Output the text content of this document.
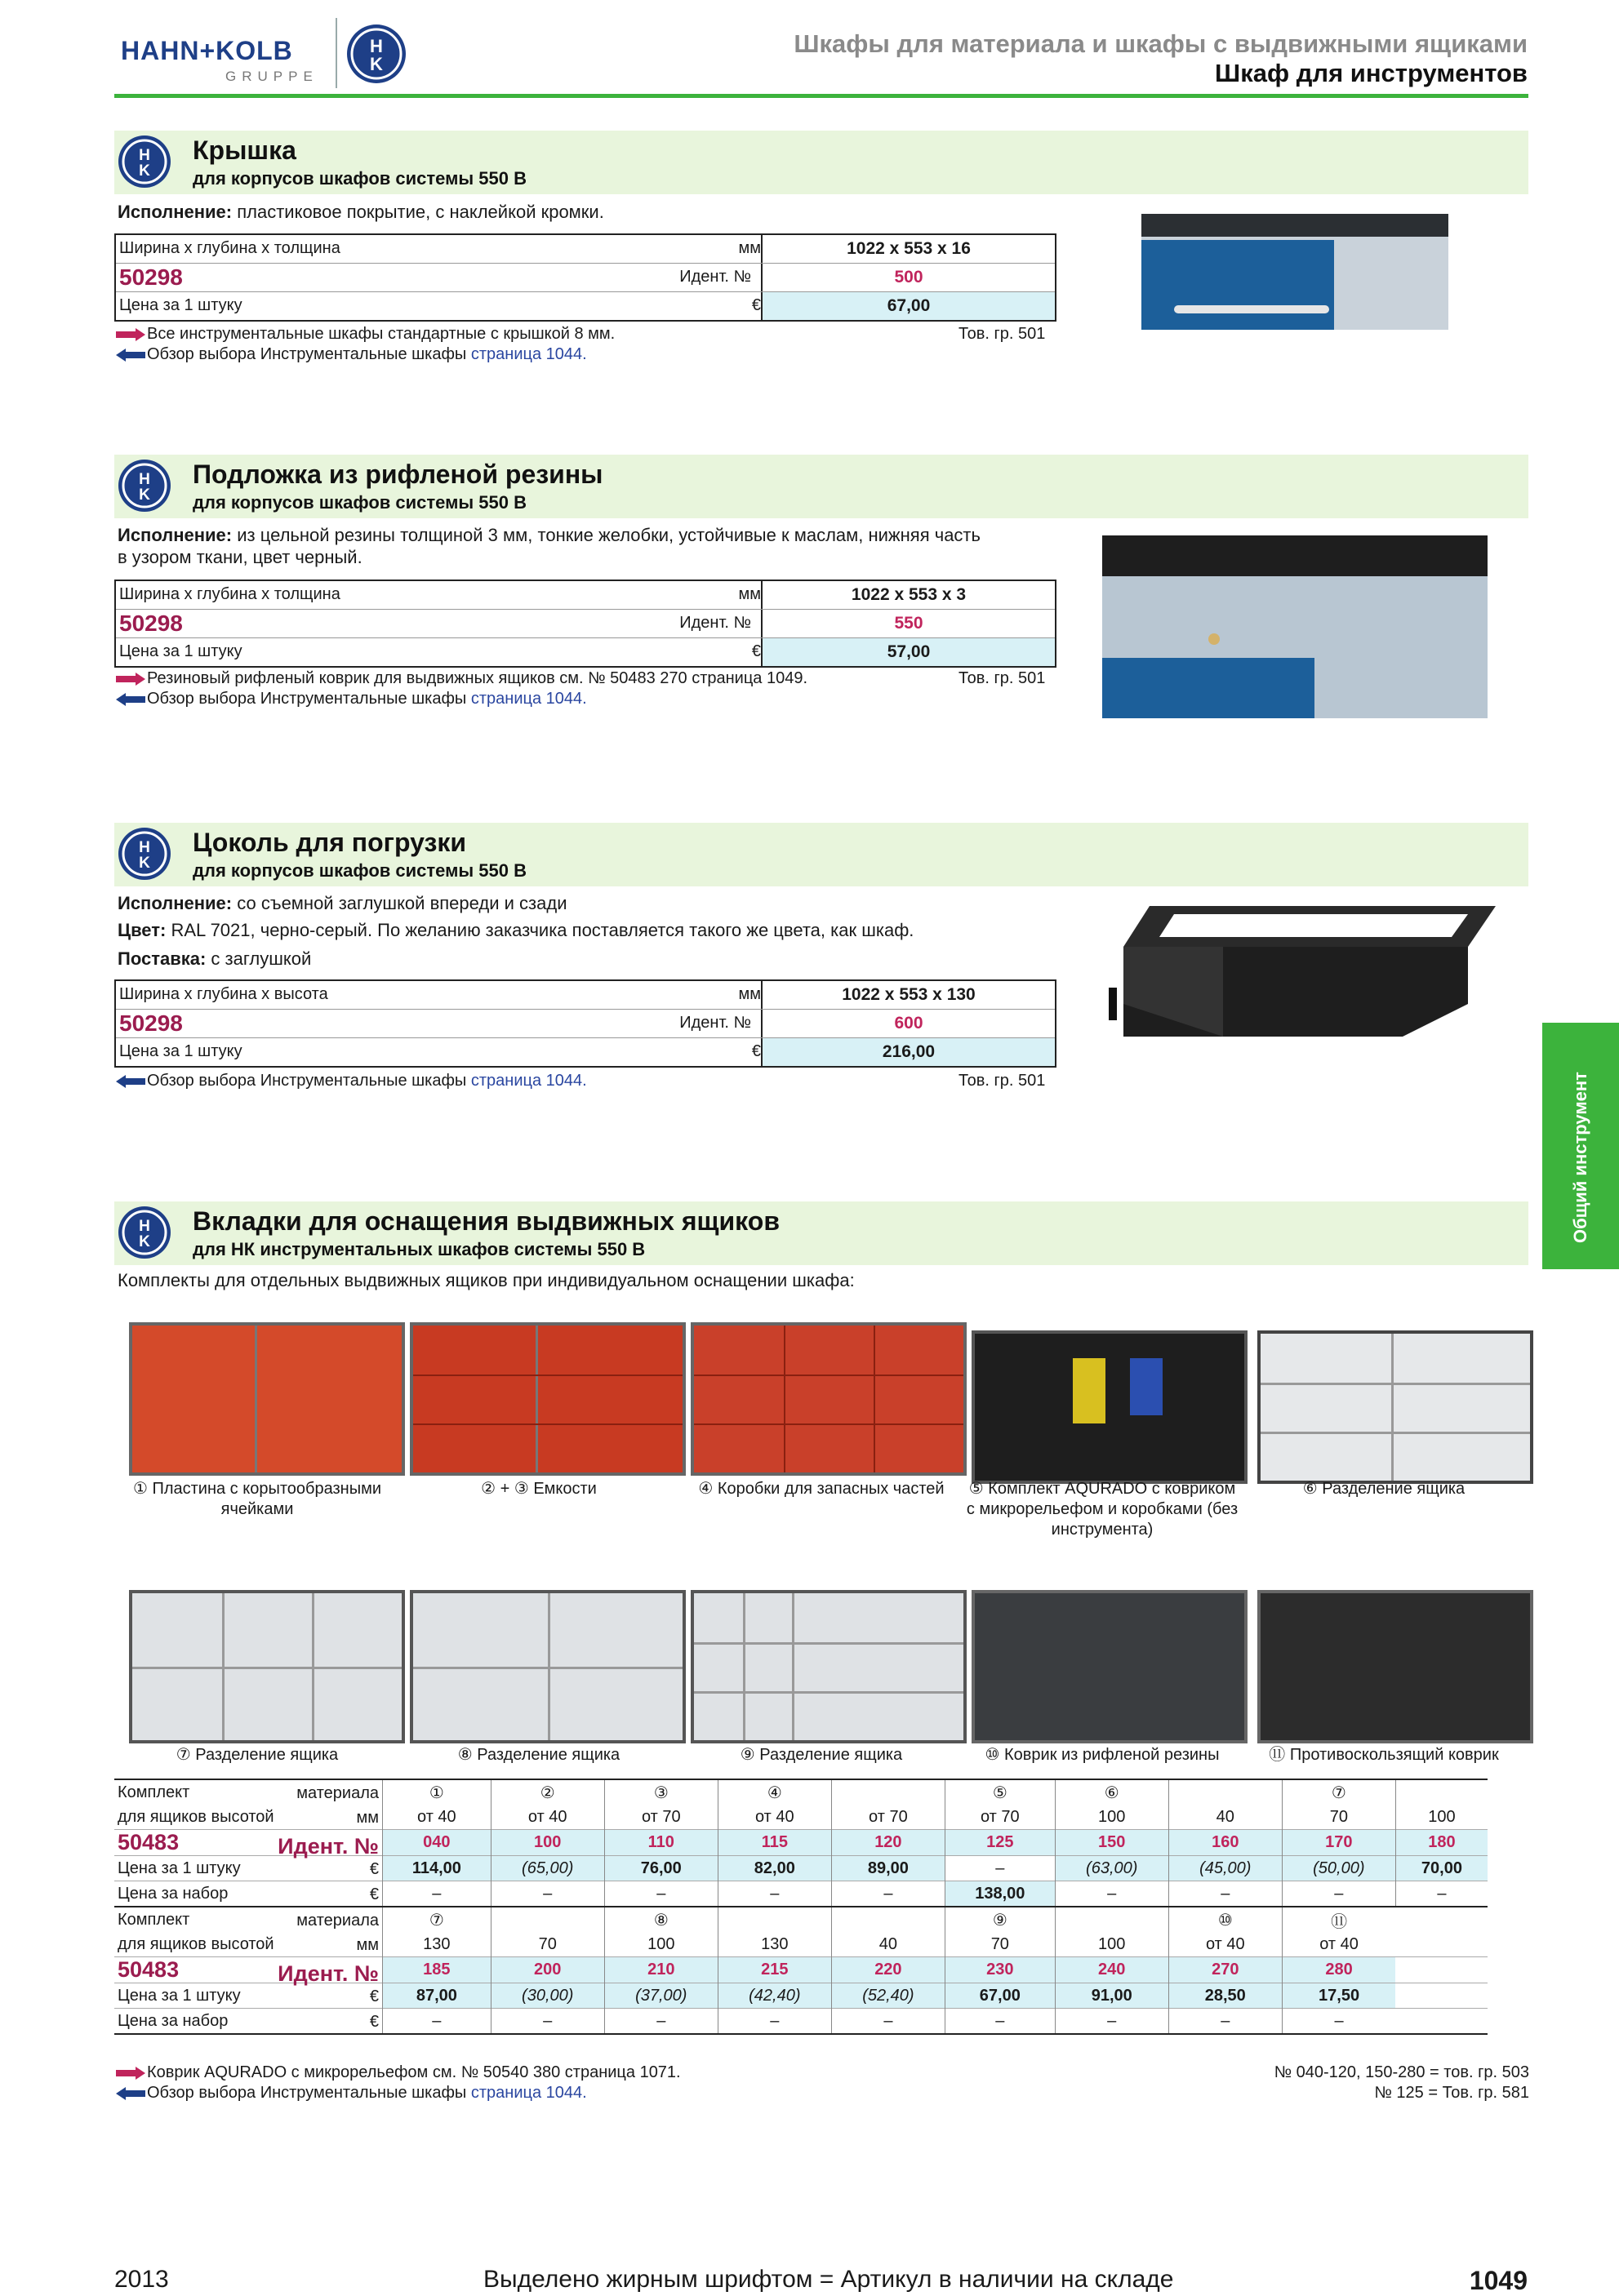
HAHN+KOLB
GRUPPE
H
K
Шкафы для материала и шкафы с выдвижными ящиками
Шкаф для инструментов
Общий инструмент
H
K
Крышка
для корпусов шкафов системы 550 B
Исполнение: пластиковое покрытие, с наклейкой кромки.
Ширина x глубина x толщина	мм	1022 x 553 x 16
50298	Идент. №	500
Цена за 1 штуку	€	67,00
Все инструментальные шкафы стандартные с крышкой 8 мм.
Обзор выбора Инструментальные шкафы страница 1044.
Тов. гр. 501
H
K
Подложка из рифленой резины
для корпусов шкафов системы 550 B
Исполнение: из цельной резины толщиной 3 мм, тонкие желобки, устойчивые к маслам, нижняя часть
в узором ткани, цвет черный.
Ширина x глубина x толщина	мм	1022 x 553 x 3
50298	Идент. №	550
Цена за 1 штуку	€	57,00
Резиновый рифленый коврик для выдвижных ящиков см. № 50483 270 страница 1049.
Обзор выбора Инструментальные шкафы страница 1044.
Тов. гр. 501
H
K
Цоколь для погрузки
для корпусов шкафов системы 550 B
Исполнение: со съемной заглушкой впереди и сзади
Цвет: RAL 7021, черно-серый. По желанию заказчика поставляется такого же цвета, как шкаф.
Поставка: с заглушкой
Ширина x глубина x высота	мм	1022 x 553 x 130
50298	Идент. №	600
Цена за 1 штуку	€	216,00
Обзор выбора Инструментальные шкафы страница 1044.	Тов. гр. 501
H
K
Вкладки для оснащения выдвижных ящиков
для НК инструментальных шкафов системы 550 B
Комплекты для отдельных выдвижных ящиков при индивидуальном оснащении шкафа:
① Пластина с корытообразными ячейками
② + ③ Емкости	④ Коробки для запасных частей	⑤ Комплект AQURADO с ковриком с микрорельефом и коробками (без инструмента)
⑥ Разделение ящика
⑦ Разделение ящика	⑧ Разделение ящика	⑨ Разделение ящика	⑩ Коврик из рифленой резины	⑪ Противоскользящий коврик
Комплект материала	①	②	③	④		⑤	⑥		⑦	
для ящиков высотой мм	от 40	от 40	от 70	от 40	от 70	от 70	100	40	70	100
50483 Идент. №	040	100	110	115	120	125	150	160	170	180
Цена за 1 штуку €	114,00	(65,00)	76,00	82,00	89,00	–	(63,00)	(45,00)	(50,00)	70,00
Цена за набор €	–	–	–	–	–	138,00	–	–	–	–
Комплект материала	⑦		⑧			⑨		⑩	⑪	
для ящиков высотой мм	130	70	100	130	40	70	100	от 40	от 40	
50483 Идент. №	185	200	210	215	220	230	240	270	280	
Цена за 1 штуку €	87,00	(30,00)	(37,00)	(42,40)	(52,40)	67,00	91,00	28,50	17,50	
Цена за набор €	–	–	–	–	–	–	–	–	–	
Коврик AQURADO с микрорельефом см. № 50540 380 страница 1071.
Обзор выбора Инструментальные шкафы страница 1044.
№ 040-120, 150-280 = тов. гр. 503
№ 125 = Тов. гр. 581
2013	Выделено жирным шрифтом = Артикул в наличии на складе	1049
